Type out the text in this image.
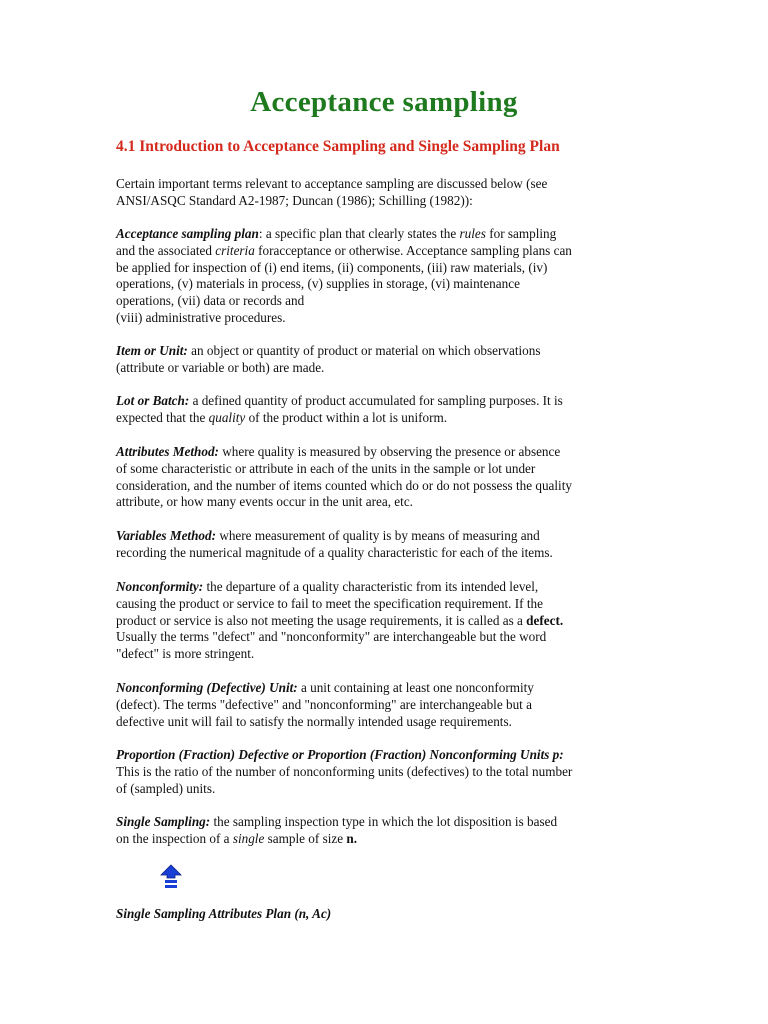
Acceptance sampling
4.1 Introduction to Acceptance Sampling and Single Sampling Plan

Certain important terms relevant to acceptance sampling are discussed below (see
ANSI/ASQC Standard A2-1987; Duncan (1986); Schilling (1982)):

Acceptance sampling plan: a specific plan that clearly states the rules for sampling
and the associated criteria foracceptance or otherwise. Acceptance sampling plans can
be applied for inspection of (i) end items, (ii) components, (iii) raw materials, (iv)
operations, (v) materials in process, (v) supplies in storage, (vi) maintenance
operations, (vii) data or records and
(viii) administrative procedures.

Item or Unit: an object or quantity of product or material on which observations
(attribute or variable or both) are made.

Lot or Batch: a defined quantity of product accumulated for sampling purposes. It is
expected that the quality of the product within a lot is uniform.

Attributes Method: where quality is measured by observing the presence or absence
of some characteristic or attribute in each of the units in the sample or lot under
consideration, and the number of items counted which do or do not possess the quality
attribute, or how many events occur in the unit area, etc.

Variables Method: where measurement of quality is by means of measuring and
recording the numerical magnitude of a quality characteristic for each of the items.

Nonconformity: the departure of a quality characteristic from its intended level,
causing the product or service to fail to meet the specification requirement. If the
product or service is also not meeting the usage requirements, it is called as a defect.
Usually the terms "defect" and "nonconformity" are interchangeable but the word
"defect" is more stringent.

Nonconforming (Defective) Unit: a unit containing at least one nonconformity
(defect). The terms "defective" and "nonconforming" are interchangeable but a
defective unit will fail to satisfy the normally intended usage requirements.

Proportion (Fraction) Defective or Proportion (Fraction) Nonconforming Units p:
This is the ratio of the number of nonconforming units (defectives) to the total number
of (sampled) units.

Single Sampling: the sampling inspection type in which the lot disposition is based
on the inspection of a single sample of size n.

Single Sampling Attributes Plan (n, Ac)
